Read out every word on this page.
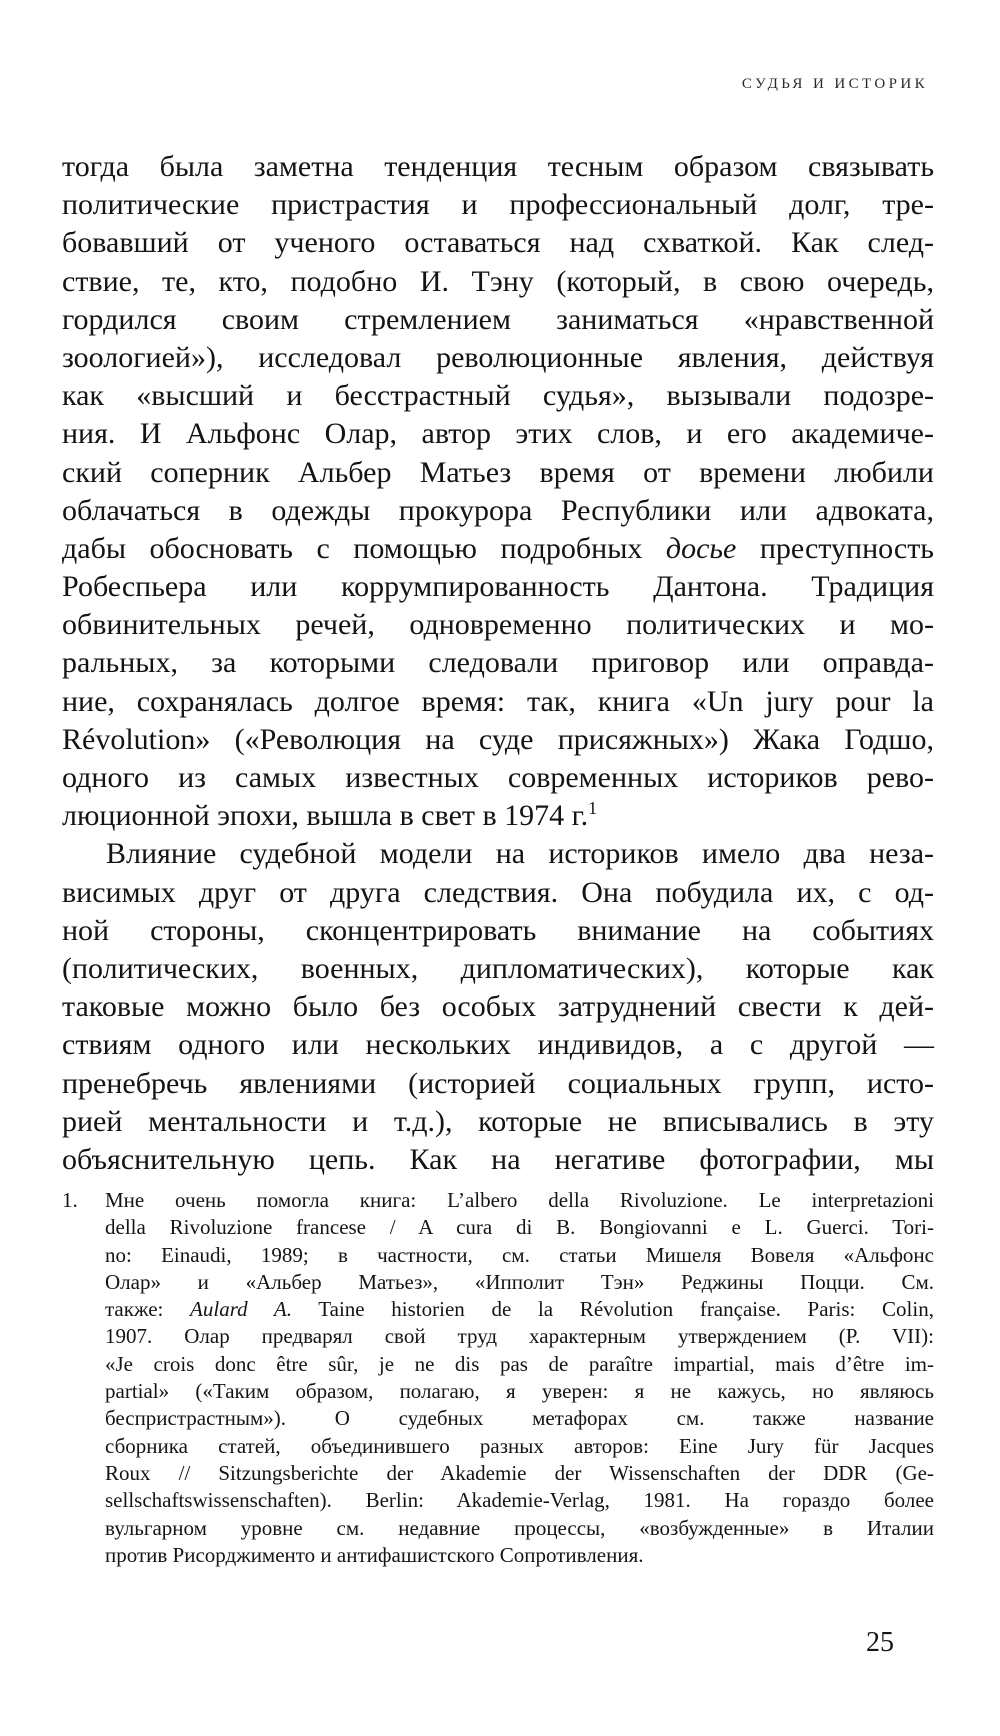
СУДЬЯ И ИСТОРИК
тогда была заметна тенденция тесным образом связывать
политические пристрастия и профессиональный долг, тре-
бовавший от ученого оставаться над схваткой. Как след-
ствие, те, кто, подобно И. Тэну (который, в свою очередь,
гордился своим стремлением заниматься «нравственной
зоологией»), исследовал революционные явления, действуя
как «высший и бесстрастный судья», вызывали подозре-
ния. И Альфонс Олар, автор этих слов, и его академиче-
ский соперник Альбер Матьез время от времени любили
облачаться в одежды прокурора Республики или адвоката,
дабы обосновать с помощью подробных досье преступность
Робеспьера или коррумпированность Дантона. Традиция
обвинительных речей, одновременно политических и мо-
ральных, за которыми следовали приговор или оправда-
ние, сохранялась долгое время: так, книга «Un jury pour la
Révolution» («Революция на суде присяжных») Жака Годшо,
одного из самых известных современных историков рево-
люционной эпохи, вышла в свет в 1974 г.$^1$
Влияние судебной модели на историков имело два неза-
висимых друг от друга следствия. Она побудила их, с од-
ной стороны, сконцентрировать внимание на событиях
(политических, военных, дипломатических), которые как
таковые можно было без особых затруднений свести к дей-
ствиям одного или нескольких индивидов, а с другой —
пренебречь явлениями (историей социальных групп, исто-
рией ментальности и т.д.), которые не вписывались в эту
объяснительную цепь. Как на негативе фотографии, мы
1. Мне очень помогла книга: L’albero della Rivoluzione. Le interpretazioni
della Rivoluzione francese / A cura di B. Bongiovanni e L. Guerci. Tori-
no: Einaudi, 1989; в частности, см. статьи Мишеля Вовеля «Альфонс
Олар» и «Альбер Матьез», «Ипполит Тэн» Реджины Поцци. См.
также: Aulard A. Taine historien de la Révolution française. Paris: Colin,
1907. Олар предварял свой труд характерным утверждением (P. VII):
«Je crois donc être sûr, je ne dis pas de paraître impartial, mais d’être im-
partial» («Таким образом, полагаю, я уверен: я не кажусь, но являюсь
беспристрастным»). О судебных метафорах см. также название
сборника статей, объединившего разных авторов: Eine Jury für Jacques
Roux // Sitzungsberichte der Akademie der Wissenschaften der DDR (Ge-
sellschaftswissenschaften). Berlin: Akademie-Verlag, 1981. На гораздо более
вульгарном уровне см. недавние процессы, «возбужденные» в Италии
против Рисорджименто и антифашистского Сопротивления.
25
